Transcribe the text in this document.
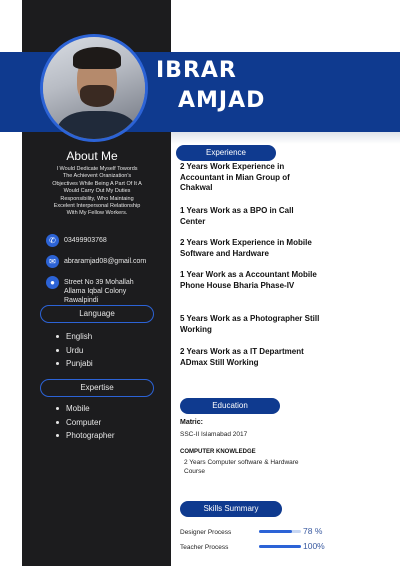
IBRAR
AMJAD
About Me
I Would Dedicate Myself Towords The Achievent Oranization's Objectives While Being A Part Of It A Would Carry Out My Duties Responsibility, Who Maintaing Excelent Interpersonal Relationship With My Fellow Workers.
✆	03499903768
✉	abraramjad08@gmail.com
●	Street No 39 Mohallah Allama Iqbal Colony Rawalpindi
Language
English
Urdu
Punjabi
Expertise
Mobile
Computer
Photographer
Experience
2 Years Work Experience in Accountant in Mian Group of Chakwal
1 Years Work as a BPO in Call Center
2 Years Work Experience in Mobile Software and Hardware
1 Year Work as a Accountant Mobile Phone House Bharia Phase-IV
5 Years Work as a Photographer Still Working
2 Years Work as a IT Department ADmax Still Working
Education
Matric:
SSC-II Islamabad 2017
COMPUTER KNOWLEDGE
2 Years Computer software & Hardware Course
Skills Summary
Designer Process	78 %
Teacher Process	100%
